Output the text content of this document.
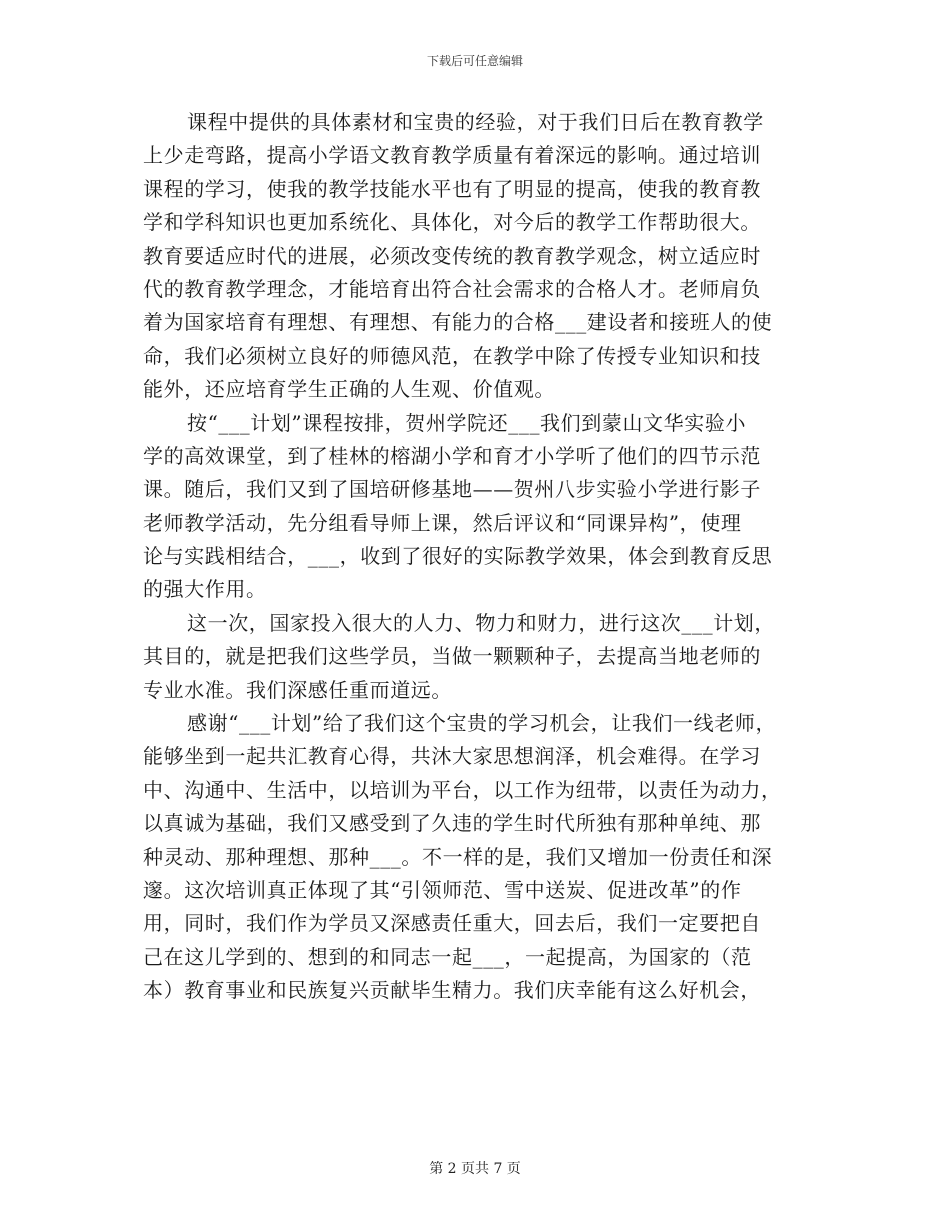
下载后可任意编辑
课程中提供的具体素材和宝贵的经验，对于我们日后在教育教学
上少走弯路，提高小学语文教育教学质量有着深远的影响。通过培训
课程的学习，使我的教学技能水平也有了明显的提高，使我的教育教
学和学科知识也更加系统化、具体化，对今后的教学工作帮助很大。
教育要适应时代的进展，必须改变传统的教育教学观念，树立适应时
代的教育教学理念，才能培育出符合社会需求的合格人才。老师肩负
着为国家培育有理想、有理想、有能力的合格___建设者和接班人的使
命，我们必须树立良好的师德风范，在教学中除了传授专业知识和技
能外，还应培育学生正确的人生观、价值观。
按“___计划”课程按排，贺州学院还___我们到蒙山文华实验小
学的高效课堂，到了桂林的榕湖小学和育才小学听了他们的四节示范
课。随后，我们又到了国培研修基地——贺州八步实验小学进行影子
老师教学活动，先分组看导师上课，然后评议和“同课异构”，使理
论与实践相结合，___，收到了很好的实际教学效果，体会到教育反思
的强大作用。
这一次，国家投入很大的人力、物力和财力，进行这次___计划，
其目的，就是把我们这些学员，当做一颗颗种子，去提高当地老师的
专业水准。我们深感任重而道远。
感谢“___计划”给了我们这个宝贵的学习机会，让我们一线老师，
能够坐到一起共汇教育心得，共沐大家思想润泽，机会难得。在学习
中、沟通中、生活中，以培训为平台，以工作为纽带，以责任为动力，
以真诚为基础，我们又感受到了久违的学生时代所独有那种单纯、那
种灵动、那种理想、那种___。不一样的是，我们又增加一份责任和深
邃。这次培训真正体现了其“引领师范、雪中送炭、促进改革”的作
用，同时，我们作为学员又深感责任重大，回去后，我们一定要把自
己在这儿学到的、想到的和同志一起___，一起提高，为国家的（范
本）教育事业和民族复兴贡献毕生精力。我们庆幸能有这么好机会，
第 2 页共 7 页
